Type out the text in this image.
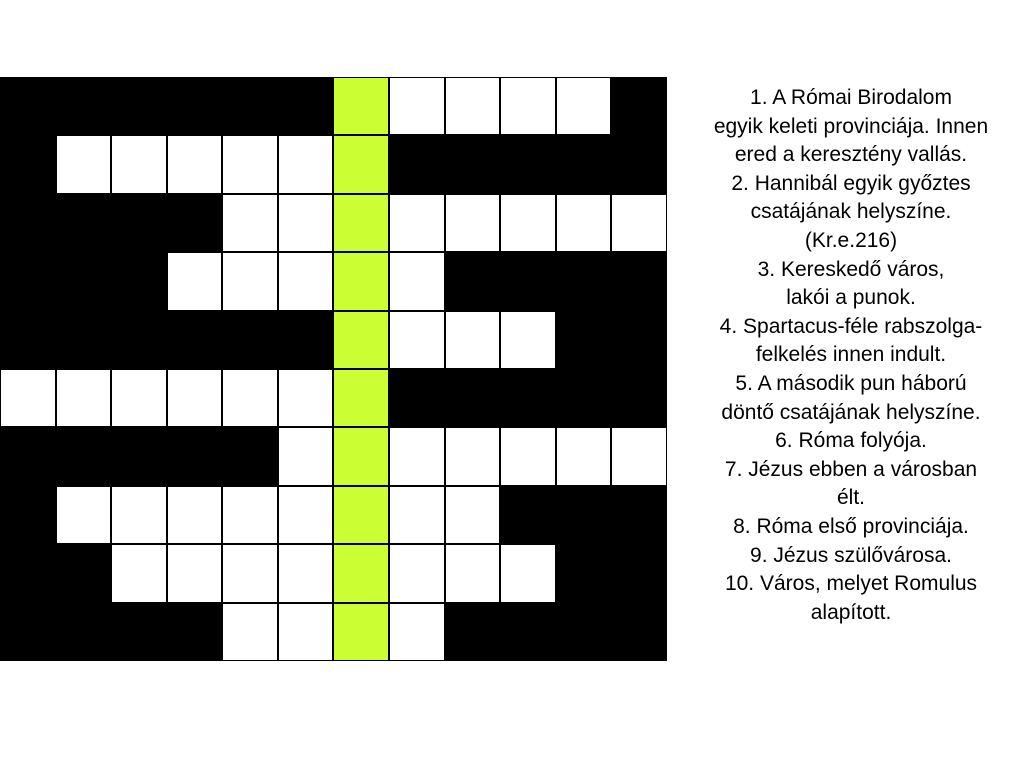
1. A Római Birodalom
egyik keleti provinciája. Innen
ered a keresztény vallás.

2. Hannibál egyik győztes
csatájának helyszíne.
(Kr.e.216)

3. Kereskedő város,
lakói a punok.

4. Spartacus-féle rabszolga-
felkelés innen indult.

5. A második pun háború
döntő csatájának helyszíne.

6. Róma folyója.

7. Jézus ebben a városban
élt.

8. Róma első provinciája.

9. Jézus szülővárosa.

10. Város, melyet Romulus
alapított.
